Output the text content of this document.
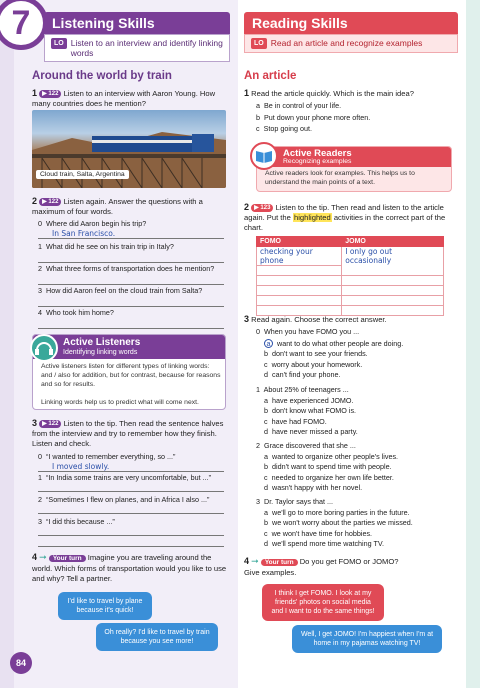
7	Listening Skills
LO Listen to an interview and identify linking words
Around the world by train
1 ▶ 122 Listen to an interview with Aaron Young. How many countries does he mention?
Cloud train, Salta, Argentina
2 ▶ 122 Listen again. Answer the questions with a maximum of four words.
0 Where did Aaron begin his trip?
In San Francisco.
1 What did he see on his train trip in Italy?
2 What three forms of transportation does he mention?
3 How did Aaron feel on the cloud train from Salta?
4 Who took him home?
Active Listeners
Identifying linking words
Active listeners listen for different types of linking words: and / also for addition, but for contrast, because for reasons and so for results.
Linking words help us to predict what will come next.
3 ▶ 122 Listen to the tip. Then read the sentence halves from the interview and try to remember how they finish. Listen and check.
0 “I wanted to remember everything, so ...”
I moved slowly.
1 “In India some trains are very uncomfortable, but ...”
2 “Sometimes I flew on planes, and in Africa I also ...”
3 “I did this because ...”
4 ➞ Your turn Imagine you are traveling around the world. Which forms of transportation would you like to use and why? Tell a partner.
I'd like to travel by plane because it's quick!
Oh really? I'd like to travel by train because you see more!
84
Reading Skills
LO Read an article and recognize examples
An article
1 Read the article quickly. Which is the main idea?
a Be in control of your life.
b Put down your phone more often.
c Stop going out.
Active Readers
Recognizing examples
Active readers look for examples. This helps us to understand the main points of a text.
2 ▶ 123 Listen to the tip. Then read and listen to the article again. Put the highlighted activities in the correct part of the chart.
FOMO	JOMO
checking your phone	I only go out occasionally

3 Read again. Choose the correct answer.
0 When you have FOMO you ...
a want to do what other people are doing.
b don't want to see your friends.
c worry about your homework.
d can't find your phone.
1 About 25% of teenagers ...
a have experienced JOMO.
b don't know what FOMO is.
c have had FOMO.
d have never missed a party.
2 Grace discovered that she ...
a wanted to organize other people's lives.
b didn't want to spend time with people.
c needed to organize her own life better.
d wasn't happy with her novel.
3 Dr. Taylor says that ...
a we'll go to more boring parties in the future.
b we won't worry about the parties we missed.
c we won't have time for hobbies.
d we'll spend more time watching TV.
4 ➞ Your turn Do you get FOMO or JOMO?
Give examples.
I think I get FOMO. I look at my friends' photos on social media and I want to do the same things!
Well, I get JOMO! I'm happiest when I'm at home in my pajamas watching TV!
